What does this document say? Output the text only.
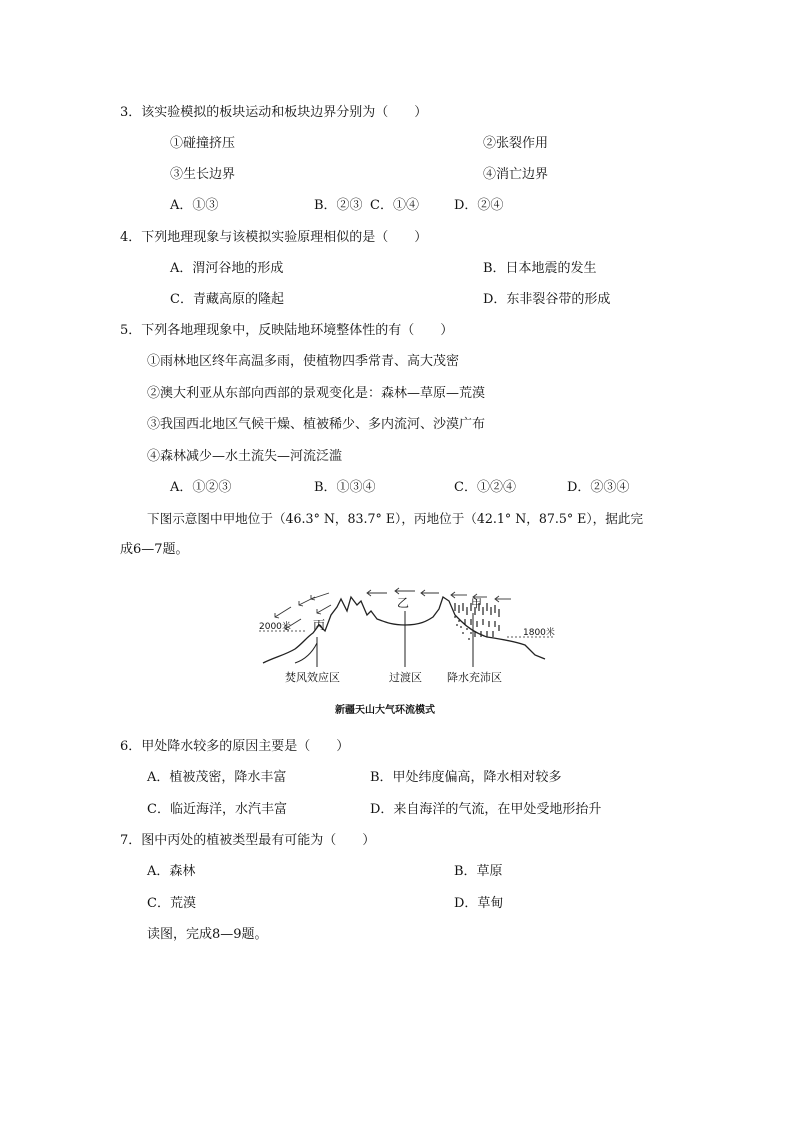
3．该实验模拟的板块运动和板块边界分别为（　　）
①碰撞挤压	②张裂作用
③生长边界	④消亡边界
A．①③	B．②③ C．①④	D．②④
4．下列地理现象与该模拟实验原理相似的是（　　）
A．渭河谷地的形成	B．日本地震的发生
C．青藏高原的隆起	D．东非裂谷带的形成
5．下列各地理现象中，反映陆地环境整体性的有（　　）
①雨林地区终年高温多雨，使植物四季常青、高大茂密
②澳大利亚从东部向西部的景观变化是：森林—草原—荒漠
③我国西北地区气候干燥、植被稀少、多内流河、沙漠广布
④森林减少—水土流失—河流泛滥
A．①②③	B．①③④	C．①②④	D．②③④
下图示意图中甲地位于（46.3° N，83.7° E），丙地位于（42.1° N，87.5° E），据此完
成6—7题。
2000米
1800米
丙
乙	甲
焚风效应区	过渡区 降水充沛区
新疆天山大气环流模式
6．甲处降水较多的原因主要是（　　）
A．植被茂密，降水丰富	B．甲处纬度偏高，降水相对较多
C．临近海洋，水汽丰富	D．来自海洋的气流，在甲处受地形抬升
7．图中丙处的植被类型最有可能为（　　）
A．森林	B．草原
C．荒漠	D．草甸
读图，完成8—9题。
